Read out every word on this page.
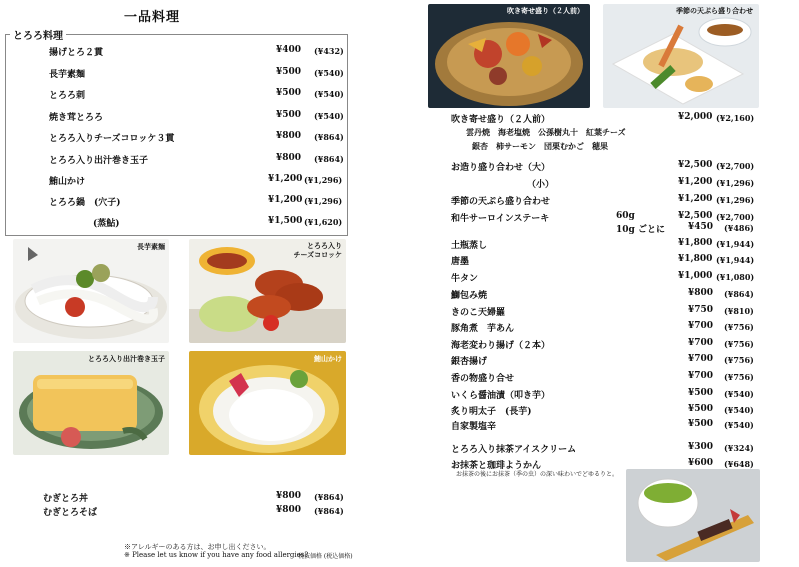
一品料理
とろろ料理
揚げとろ２貫	¥400 (¥432)
長芋素麺	¥500 (¥540)
とろろ刺	¥500 (¥540)
焼き茸とろろ	¥500 (¥540)
とろろ入りチーズコロッケ３貫	¥800 (¥864)
とろろ入り出汁巻き玉子	¥800 (¥864)
鮪山かけ	¥1,200 (¥1,296)
とろろ鍋　(穴子)	¥1,200 (¥1,296)
(蒸鮎)	¥1,500 (¥1,620)
長芋素麺	とろろ入り
チーズコロッケ
とろろ入り出汁巻き玉子	鮪山かけ
むぎとろ丼	¥800 (¥864)
むぎとろそば	¥800 (¥864)
※アレルギーのある方は、お申し出ください。
※ Please let us know if you have any food allergies?
税抜価格 (税込価格)
吹き寄せ盛り（２人前）	季節の天ぷら盛り合わせ
吹き寄せ盛り（２人前）	¥2,000 (¥2,160)
雲丹焼　海老塩焼　公孫樹丸十　紅葉チーズ
銀杏　柿サーモン　団栗むかご　穂果
お造り盛り合わせ（大）	¥2,500 (¥2,700)
（小）	¥1,200 (¥1,296)
季節の天ぷら盛り合わせ	¥1,200 (¥1,296)
和牛サーロインステーキ	60g	¥2,500 (¥2,700)
10g ごとに	¥450 (¥486)
土瓶蒸し	¥1,800 (¥1,944)
唐墨	¥1,800 (¥1,944)
牛タン	¥1,000 (¥1,080)
鰤包み焼	¥800 (¥864)
きのこ天婦羅	¥750 (¥810)
豚角煮　芋あん	¥700 (¥756)
海老変わり揚げ（２本）	¥700 (¥756)
銀杏揚げ	¥700 (¥756)
香の物盛り合せ	¥700 (¥756)
いくら醤油漬（叩き芋）	¥500 (¥540)
炙り明太子　(長芋)	¥500 (¥540)
自家製塩辛	¥500 (¥540)
とろろ入り抹茶アイスクリーム	¥300 (¥324)
お抹茶と珈琲ようかん	¥600 (¥648)
お抹茶の後にお抹茶（季の虫）の深い味わいでどゆるりと。
